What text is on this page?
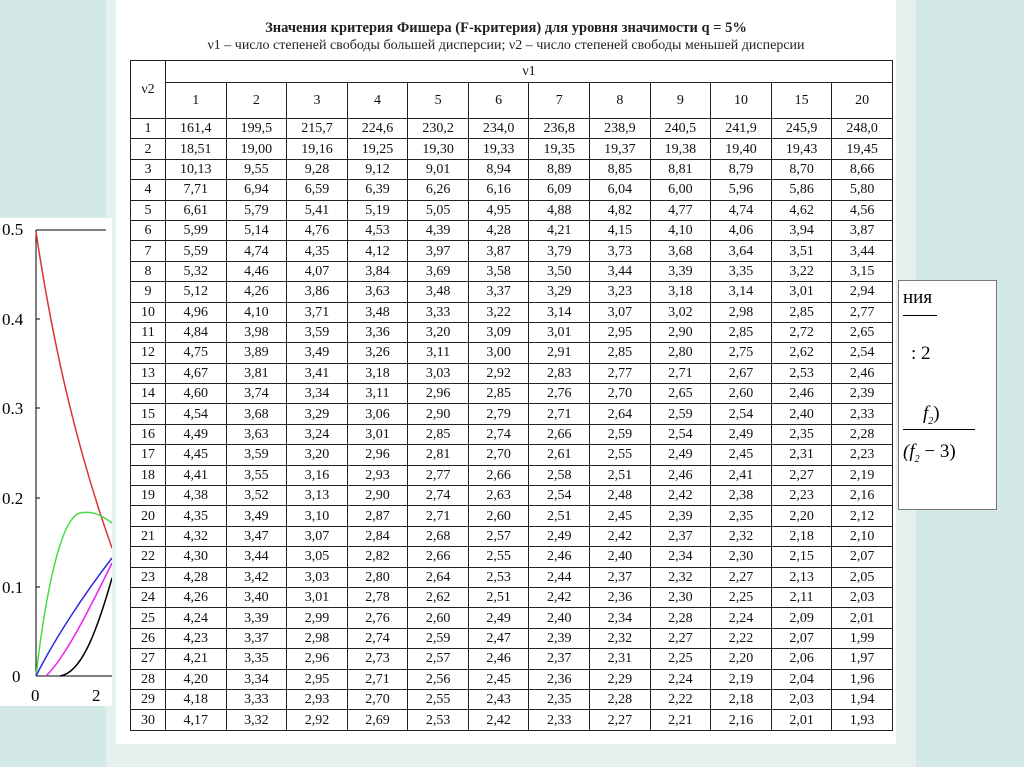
0.5
0.4
0.3
0.2
0.1
0
0	2
ния
: 2
$f_2$)
$(f_2 - 3)$
Значения критерия Фишера (F-критерия) для уровня значимости q = 5%
ν1 – число степеней свободы большей дисперсии; ν2 – число степеней свободы меньшей дисперсии
ν2	ν1											
	1	2	3	4	5	6	7	8	9	10	15	20
1	161,4	199,5	215,7	224,6	230,2	234,0	236,8	238,9	240,5	241,9	245,9	248,0
2	18,51	19,00	19,16	19,25	19,30	19,33	19,35	19,37	19,38	19,40	19,43	19,45
3	10,13	9,55	9,28	9,12	9,01	8,94	8,89	8,85	8,81	8,79	8,70	8,66
4	7,71	6,94	6,59	6,39	6,26	6,16	6,09	6,04	6,00	5,96	5,86	5,80
5	6,61	5,79	5,41	5,19	5,05	4,95	4,88	4,82	4,77	4,74	4,62	4,56
6	5,99	5,14	4,76	4,53	4,39	4,28	4,21	4,15	4,10	4,06	3,94	3,87
7	5,59	4,74	4,35	4,12	3,97	3,87	3,79	3,73	3,68	3,64	3,51	3,44
8	5,32	4,46	4,07	3,84	3,69	3,58	3,50	3,44	3,39	3,35	3,22	3,15
9	5,12	4,26	3,86	3,63	3,48	3,37	3,29	3,23	3,18	3,14	3,01	2,94
10	4,96	4,10	3,71	3,48	3,33	3,22	3,14	3,07	3,02	2,98	2,85	2,77
11	4,84	3,98	3,59	3,36	3,20	3,09	3,01	2,95	2,90	2,85	2,72	2,65
12	4,75	3,89	3,49	3,26	3,11	3,00	2,91	2,85	2,80	2,75	2,62	2,54
13	4,67	3,81	3,41	3,18	3,03	2,92	2,83	2,77	2,71	2,67	2,53	2,46
14	4,60	3,74	3,34	3,11	2,96	2,85	2,76	2,70	2,65	2,60	2,46	2,39
15	4,54	3,68	3,29	3,06	2,90	2,79	2,71	2,64	2,59	2,54	2,40	2,33
16	4,49	3,63	3,24	3,01	2,85	2,74	2,66	2,59	2,54	2,49	2,35	2,28
17	4,45	3,59	3,20	2,96	2,81	2,70	2,61	2,55	2,49	2,45	2,31	2,23
18	4,41	3,55	3,16	2,93	2,77	2,66	2,58	2,51	2,46	2,41	2,27	2,19
19	4,38	3,52	3,13	2,90	2,74	2,63	2,54	2,48	2,42	2,38	2,23	2,16
20	4,35	3,49	3,10	2,87	2,71	2,60	2,51	2,45	2,39	2,35	2,20	2,12
21	4,32	3,47	3,07	2,84	2,68	2,57	2,49	2,42	2,37	2,32	2,18	2,10
22	4,30	3,44	3,05	2,82	2,66	2,55	2,46	2,40	2,34	2,30	2,15	2,07
23	4,28	3,42	3,03	2,80	2,64	2,53	2,44	2,37	2,32	2,27	2,13	2,05
24	4,26	3,40	3,01	2,78	2,62	2,51	2,42	2,36	2,30	2,25	2,11	2,03
25	4,24	3,39	2,99	2,76	2,60	2,49	2,40	2,34	2,28	2,24	2,09	2,01
26	4,23	3,37	2,98	2,74	2,59	2,47	2,39	2,32	2,27	2,22	2,07	1,99
27	4,21	3,35	2,96	2,73	2,57	2,46	2,37	2,31	2,25	2,20	2,06	1,97
28	4,20	3,34	2,95	2,71	2,56	2,45	2,36	2,29	2,24	2,19	2,04	1,96
29	4,18	3,33	2,93	2,70	2,55	2,43	2,35	2,28	2,22	2,18	2,03	1,94
30	4,17	3,32	2,92	2,69	2,53	2,42	2,33	2,27	2,21	2,16	2,01	1,93
